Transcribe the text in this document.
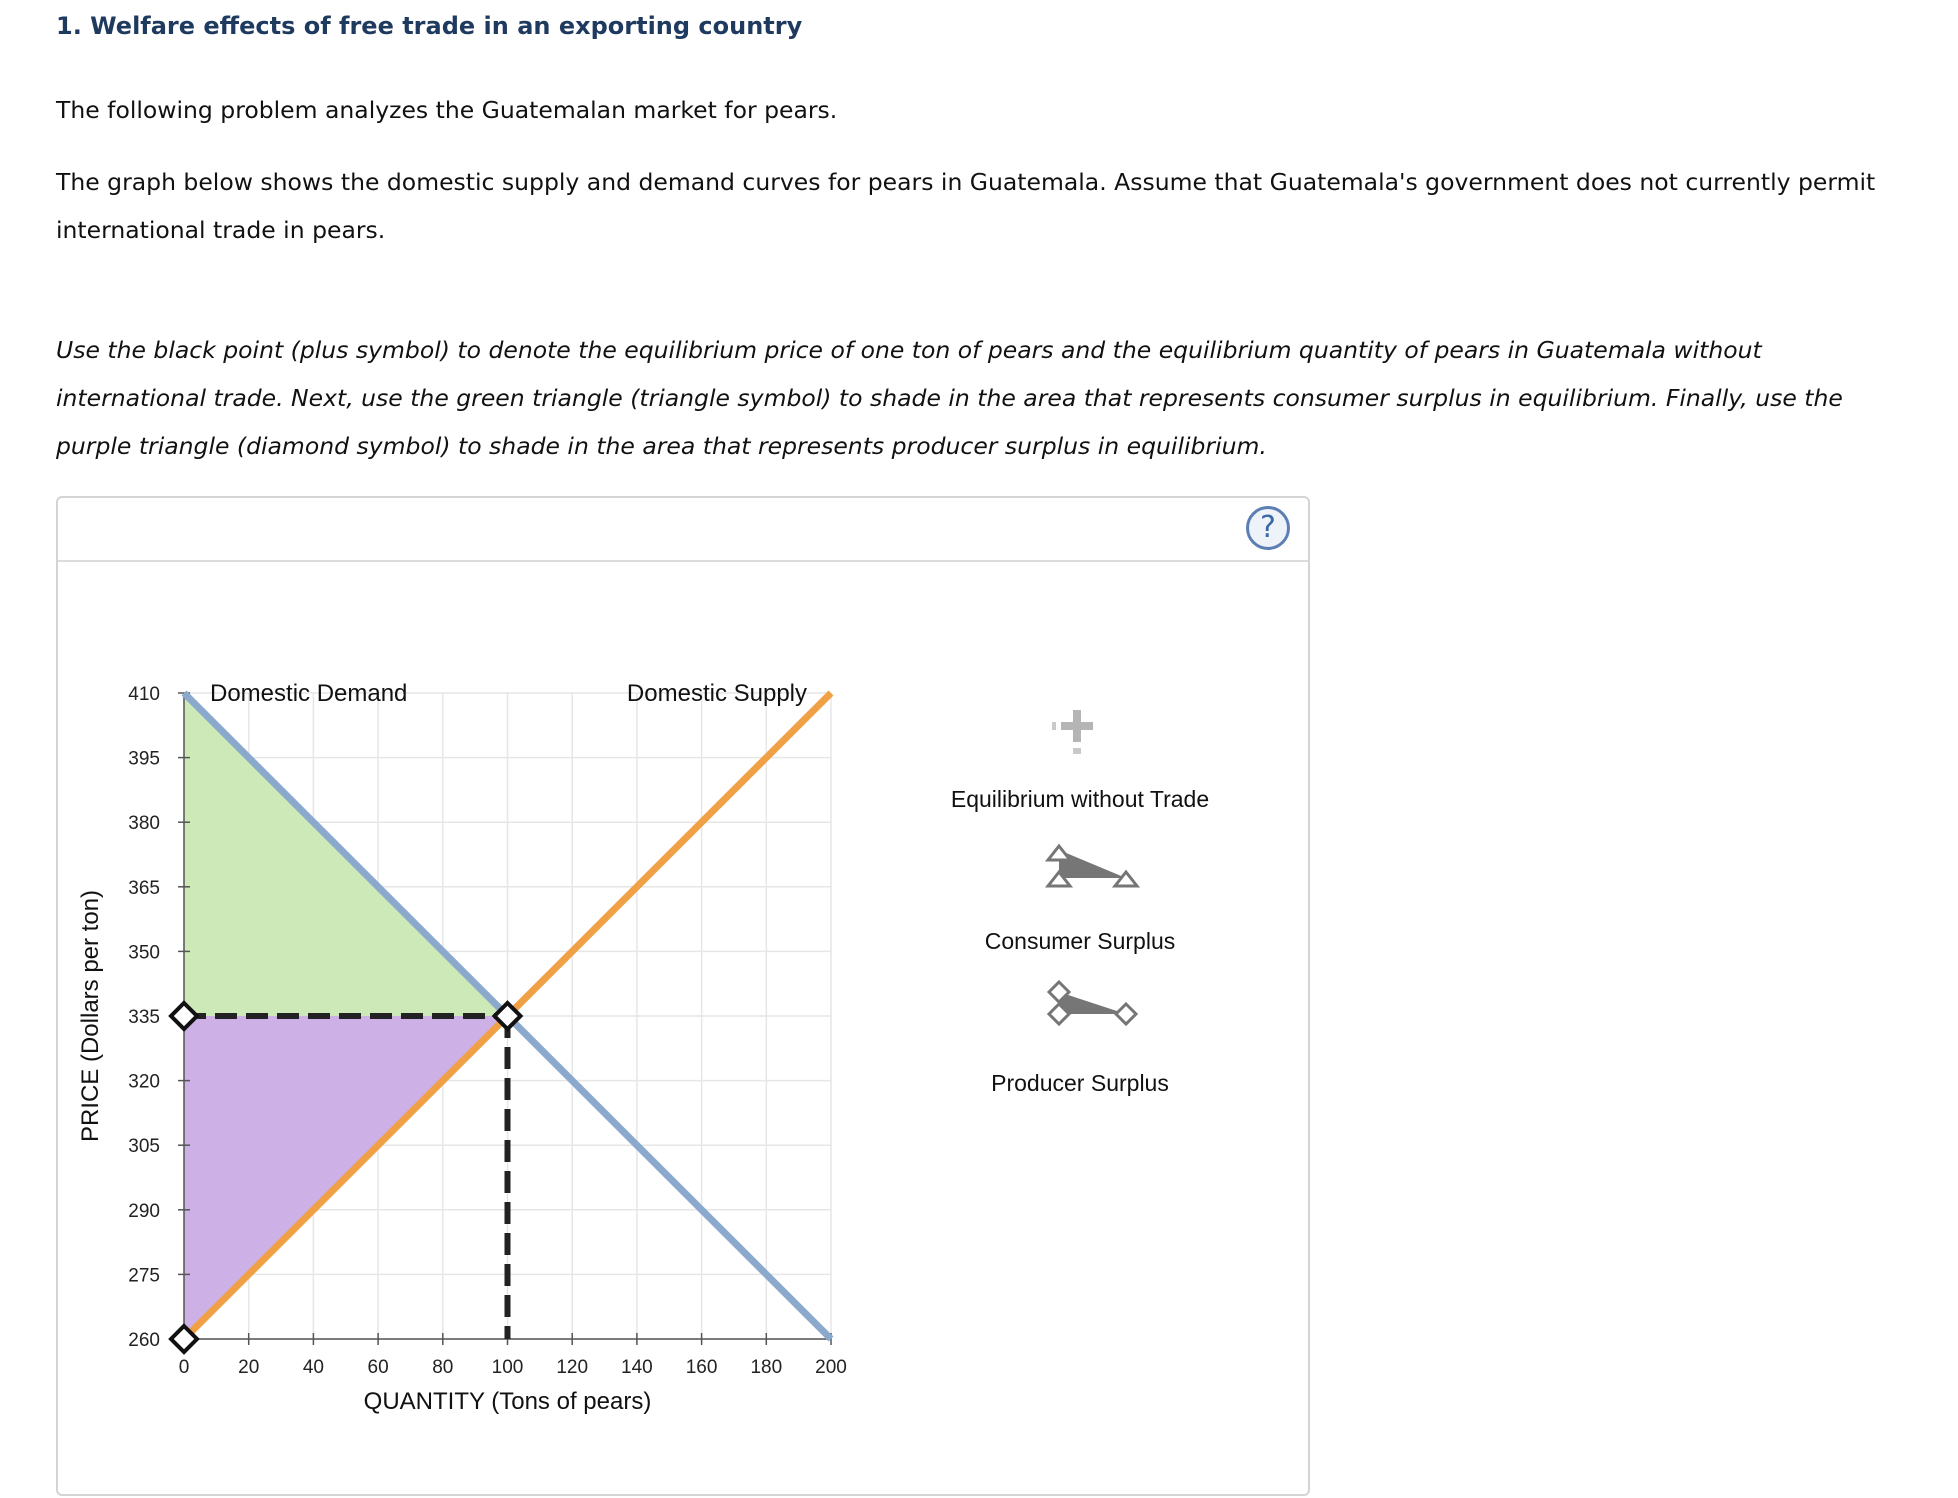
1. Welfare effects of free trade in an exporting country
The following problem analyzes the Guatemalan market for pears.
The graph below shows the domestic supply and demand curves for pears in Guatemala. Assume that Guatemala's government does not currently permit international trade in pears.
Use the black point (plus symbol) to denote the equilibrium price of one ton of pears and the equilibrium quantity of pears in Guatemala without international trade. Next, use the green triangle (triangle symbol) to shade in the area that represents consumer surplus in equilibrium. Finally, use the purple triangle (diamond symbol) to shade in the area that represents producer surplus in equilibrium.
?
0	20 40 60 80 100 120 140 160 180 200
260
275
290
305
320
335
350
365
380
395
410
QUANTITY (Tons of pears)
PRICE (Dollars per ton)
Domestic Demand	Domestic Supply
Equilibrium without Trade
Consumer Surplus
Producer Surplus
